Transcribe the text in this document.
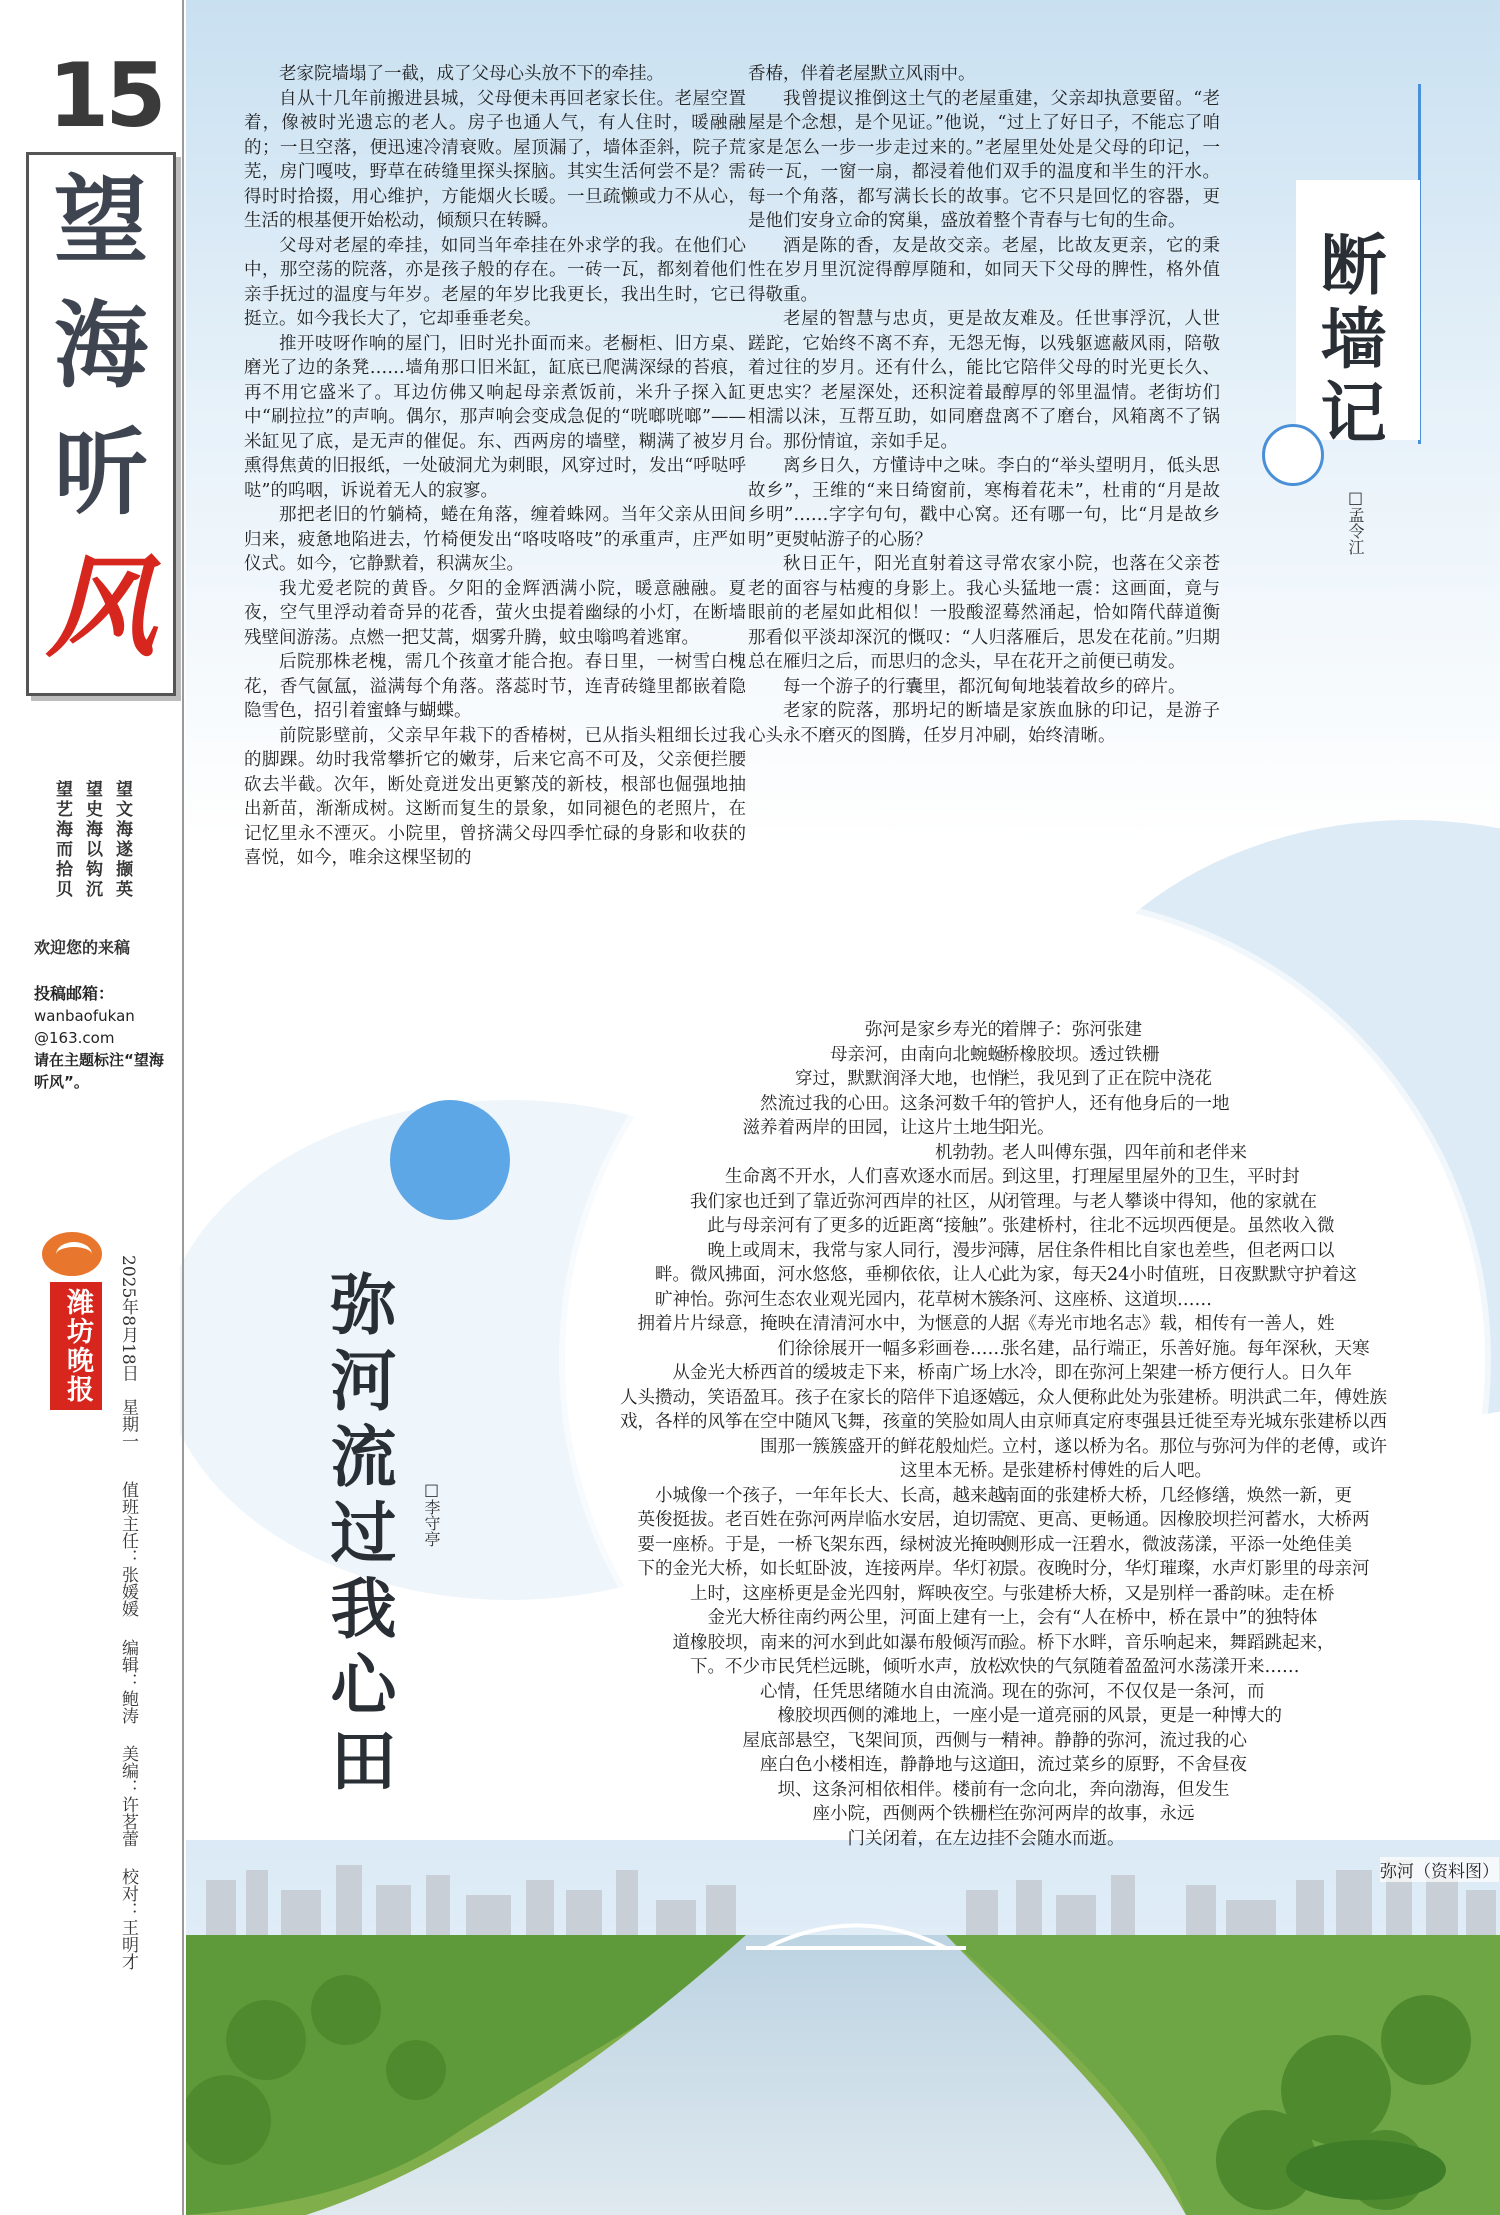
15
望
海
听
风
望文海遂撷英
望史海以钩沉
望艺海而拾贝
欢迎您的来稿
投稿邮箱：
wanbaofukan
@163.com
请在主题标注“望海听风”。
潍坊晚报	2025年8月18日　星期一 值班主任：张媛媛 编辑：鲍涛 美编：许茗蕾 校对：王明才
断墙记
□孟令江

老家院墙塌了一截，成了父母心头放不下的牵挂。

自从十几年前搬进县城，父母便未再回老家长住。老屋空置着，像被时光遗忘的老人。房子也通人气，有人住时，暖融融的；一旦空落，便迅速冷清衰败。屋顶漏了，墙体歪斜，院子荒芜，房门嘎吱，野草在砖缝里探头探脑。其实生活何尝不是？需得时时拾掇，用心维护，方能烟火长暖。一旦疏懒或力不从心，生活的根基便开始松动，倾颓只在转瞬。

父母对老屋的牵挂，如同当年牵挂在外求学的我。在他们心中，那空荡的院落，亦是孩子般的存在。一砖一瓦，都刻着他们亲手抚过的温度与年岁。老屋的年岁比我更长，我出生时，它已挺立。如今我长大了，它却垂垂老矣。

推开吱呀作响的屋门，旧时光扑面而来。老橱柜、旧方桌、磨光了边的条凳……墙角那口旧米缸，缸底已爬满深绿的苔痕，再不用它盛米了。耳边仿佛又响起母亲煮饭前，米升子探入缸中“刷拉拉”的声响。偶尔，那声响会变成急促的“咣啷咣啷”——米缸见了底，是无声的催促。东、西两房的墙壁，糊满了被岁月熏得焦黄的旧报纸，一处破洞尤为刺眼，风穿过时，发出“呼哒呼哒”的呜咽，诉说着无人的寂寥。

那把老旧的竹躺椅，蜷在角落，缠着蛛网。当年父亲从田间归来，疲惫地陷进去，竹椅便发出“咯吱咯吱”的承重声，庄严如仪式。如今，它静默着，积满灰尘。

我尤爱老院的黄昏。夕阳的金辉洒满小院，暖意融融。夏夜，空气里浮动着奇异的花香，萤火虫提着幽绿的小灯，在断墙残壁间游荡。点燃一把艾蒿，烟雾升腾，蚊虫嗡鸣着逃窜。

后院那株老槐，需几个孩童才能合抱。春日里，一树雪白槐花，香气氤氲，溢满每个角落。落蕊时节，连青砖缝里都嵌着隐隐雪色，招引着蜜蜂与蝴蝶。

前院影壁前，父亲早年栽下的香椿树，已从指头粗细长过我的脚踝。幼时我常攀折它的嫩芽，后来它高不可及，父亲便拦腰砍去半截。次年，断处竟迸发出更繁茂的新枝，根部也倔强地抽出新苗，渐渐成树。这断而复生的景象，如同褪色的老照片，在记忆里永不湮灭。小院里，曾挤满父母四季忙碌的身影和收获的喜悦，如今，唯余这棵坚韧的

香椿，伴着老屋默立风雨中。

我曾提议推倒这土气的老屋重建，父亲却执意要留。“老屋是个念想，是个见证。”他说，“过上了好日子，不能忘了咱家是怎么一步一步走过来的。”老屋里处处是父母的印记，一砖一瓦，一窗一扇，都浸着他们双手的温度和半生的汗水。每一个角落，都写满长长的故事。它不只是回忆的容器，更是他们安身立命的窝巢，盛放着整个青春与七旬的生命。

酒是陈的香，友是故交亲。老屋，比故友更亲，它的秉性在岁月里沉淀得醇厚随和，如同天下父母的脾性，格外值得敬重。

老屋的智慧与忠贞，更是故友难及。任世事浮沉，人世蹉跎，它始终不离不弃，无怨无悔，以残躯遮蔽风雨，陪敬着过往的岁月。还有什么，能比它陪伴父母的时光更长久、更忠实？老屋深处，还积淀着最醇厚的邻里温情。老街坊们相濡以沫，互帮互助，如同磨盘离不了磨台，风箱离不了锅台。那份情谊，亲如手足。

离乡日久，方懂诗中之味。李白的“举头望明月，低头思故乡”，王维的“来日绮窗前，寒梅着花未”，杜甫的“月是故乡明”……字字句句，戳中心窝。还有哪一句，比“月是故乡明”更熨帖游子的心肠？

秋日正午，阳光直射着这寻常农家小院，也落在父亲苍老的面容与枯瘦的身影上。我心头猛地一震：这画面，竟与眼前的老屋如此相似！一股酸涩蓦然涌起，恰如隋代薛道衡那看似平淡却深沉的慨叹：“人归落雁后，思发在花前。”归期总在雁归之后，而思归的念头，早在花开之前便已萌发。

每一个游子的行囊里，都沉甸甸地装着故乡的碎片。

老家的院落，那坍圮的断墙是家族血脉的印记，是游子心头永不磨灭的图腾，任岁月冲刷，始终清晰。

弥河流过我心田	□李守亭
弥河是家乡寿光的
母亲河，由南向北蜿蜒
穿过，默默润泽大地，也悄
然流过我的心田。这条河数千年
滋养着两岸的田园，让这片土地生
机勃勃。
生命离不开水，人们喜欢逐水而居。
我们家也迁到了靠近弥河西岸的社区，从
此与母亲河有了更多的近距离“接触”。
晚上或周末，我常与家人同行，漫步河
畔。微风拂面，河水悠悠，垂柳依依，让人心
旷神怡。弥河生态农业观光园内，花草树木簇
拥着片片绿意，掩映在清清河水中，为惬意的人
们徐徐展开一幅多彩画卷……
从金光大桥西首的缓坡走下来，桥南广场上
人头攒动，笑语盈耳。孩子在家长的陪伴下追逐嬉
戏，各样的风筝在空中随风飞舞，孩童的笑脸如周
围那一簇簇盛开的鲜花般灿烂。
这里本无桥。
小城像一个孩子，一年年长大、长高，越来越
英俊挺拔。老百姓在弥河两岸临水安居，迫切需
要一座桥。于是，一桥飞架东西，绿树波光掩映
下的金光大桥，如长虹卧波，连接两岸。华灯初
上时，这座桥更是金光四射，辉映夜空。
金光大桥往南约两公里，河面上建有一
道橡胶坝，南来的河水到此如瀑布般倾泻而
下。不少市民凭栏远眺，倾听水声，放松
心情，任凭思绪随水自由流淌。
橡胶坝西侧的滩地上，一座小
屋底部悬空，飞架间顶，西侧与一
座白色小楼相连，静静地与这道
坝、这条河相依相伴。楼前有
座小院，西侧两个铁栅栏
门关闭着，在左边挂
着牌子：弥河张建
桥橡胶坝。透过铁栅
栏，我见到了正在院中浇花
的管护人，还有他身后的一地
阳光。
老人叫傅东强，四年前和老伴来
到这里，打理屋里屋外的卫生，平时封
闭管理。与老人攀谈中得知，他的家就在
张建桥村，往北不远坝西便是。虽然收入微
薄，居住条件相比自家也差些，但老两口以
此为家，每天24小时值班，日夜默默守护着这
条河、这座桥、这道坝……
据《寿光市地名志》载，相传有一善人，姓
张名建，品行端正，乐善好施。每年深秋，天寒
水冷，即在弥河上架建一桥方便行人。日久年
远，众人便称此处为张建桥。明洪武二年，傅姓族
人由京师真定府枣强县迁徙至寿光城东张建桥以西
立村，遂以桥为名。那位与弥河为伴的老傅，或许
是张建桥村傅姓的后人吧。
南面的张建桥大桥，几经修缮，焕然一新，更
宽、更高、更畅通。因橡胶坝拦河蓄水，大桥两
侧形成一汪碧水，微波荡漾，平添一处绝佳美
景。夜晚时分，华灯璀璨，水声灯影里的母亲河
与张建桥大桥，又是别样一番韵味。走在桥
上，会有“人在桥中，桥在景中”的独特体
验。桥下水畔，音乐响起来，舞蹈跳起来，
欢快的气氛随着盈盈河水荡漾开来……
现在的弥河，不仅仅是一条河，而
是一道亮丽的风景，更是一种博大的
精神。静静的弥河，流过我的心
田，流过菜乡的原野，不舍昼夜
一念向北，奔向渤海，但发生
在弥河两岸的故事，永远
不会随水而逝。
弥河（资料图）
